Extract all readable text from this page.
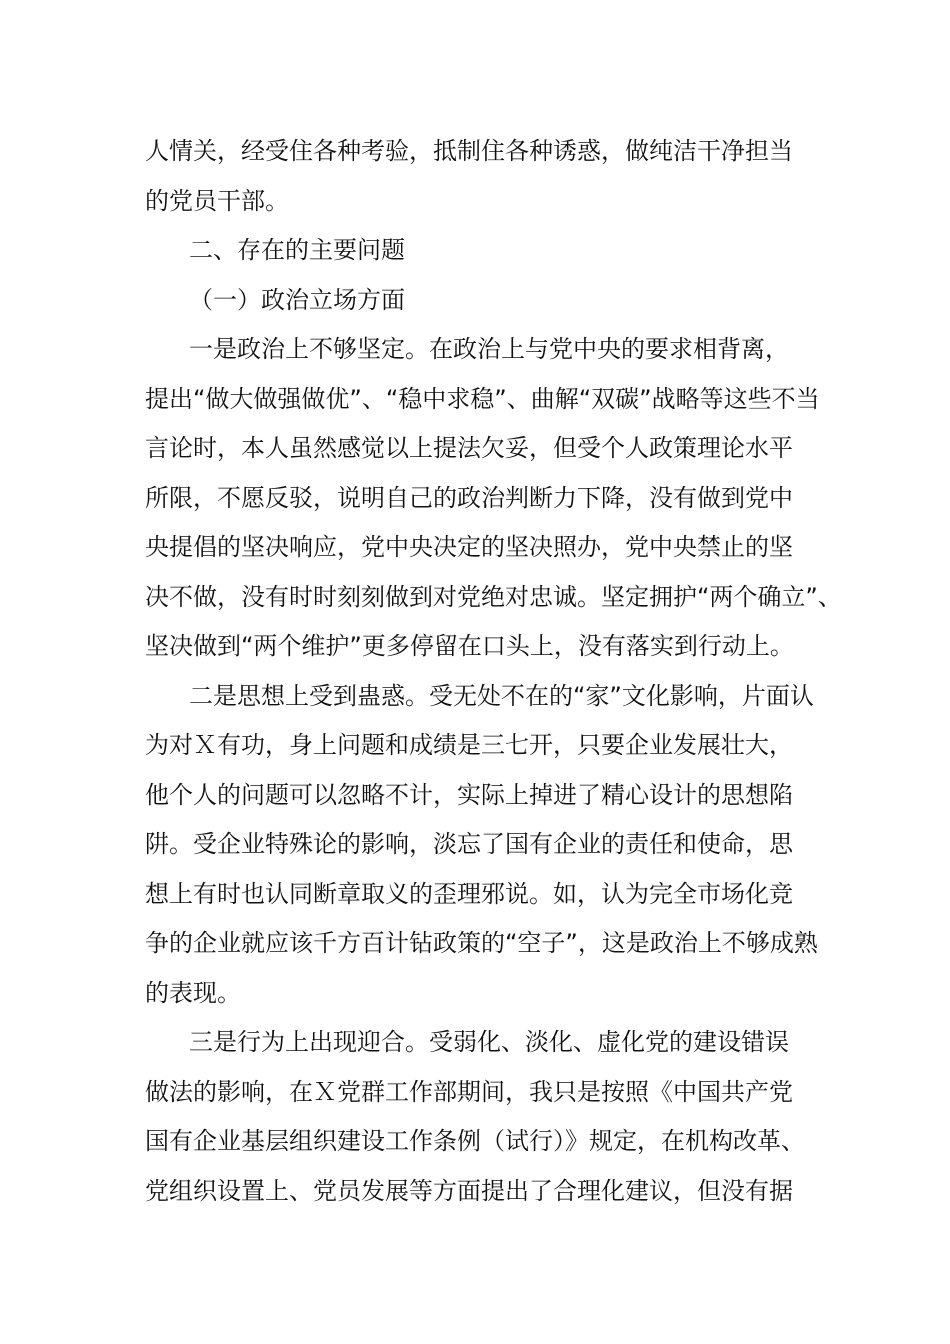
人情关，经受住各种考验，抵制住各种诱惑，做纯洁干净担当
的党员干部。
二、存在的主要问题
（一）政治立场方面
一是政治上不够坚定。在政治上与党中央的要求相背离，
提出“做大做强做优”、“稳中求稳”、曲解“双碳”战略等这些不当
言论时，本人虽然感觉以上提法欠妥，但受个人政策理论水平
所限，不愿反驳，说明自己的政治判断力下降，没有做到党中
央提倡的坚决响应，党中央决定的坚决照办，党中央禁止的坚
决不做，没有时时刻刻做到对党绝对忠诚。坚定拥护“两个确立”、
坚决做到“两个维护”更多停留在口头上，没有落实到行动上。
二是思想上受到蛊惑。受无处不在的“家”文化影响，片面认
为对Ｘ有功，身上问题和成绩是三七开，只要企业发展壮大，
他个人的问题可以忽略不计，实际上掉进了精心设计的思想陷
阱。受企业特殊论的影响，淡忘了国有企业的责任和使命，思
想上有时也认同断章取义的歪理邪说。如，认为完全市场化竞
争的企业就应该千方百计钻政策的“空子”，这是政治上不够成熟
的表现。
三是行为上出现迎合。受弱化、淡化、虚化党的建设错误
做法的影响，在Ｘ党群工作部期间，我只是按照《中国共产党
国有企业基层组织建设工作条例（试行）》规定，在机构改革、
党组织设置上、党员发展等方面提出了合理化建议，但没有据
